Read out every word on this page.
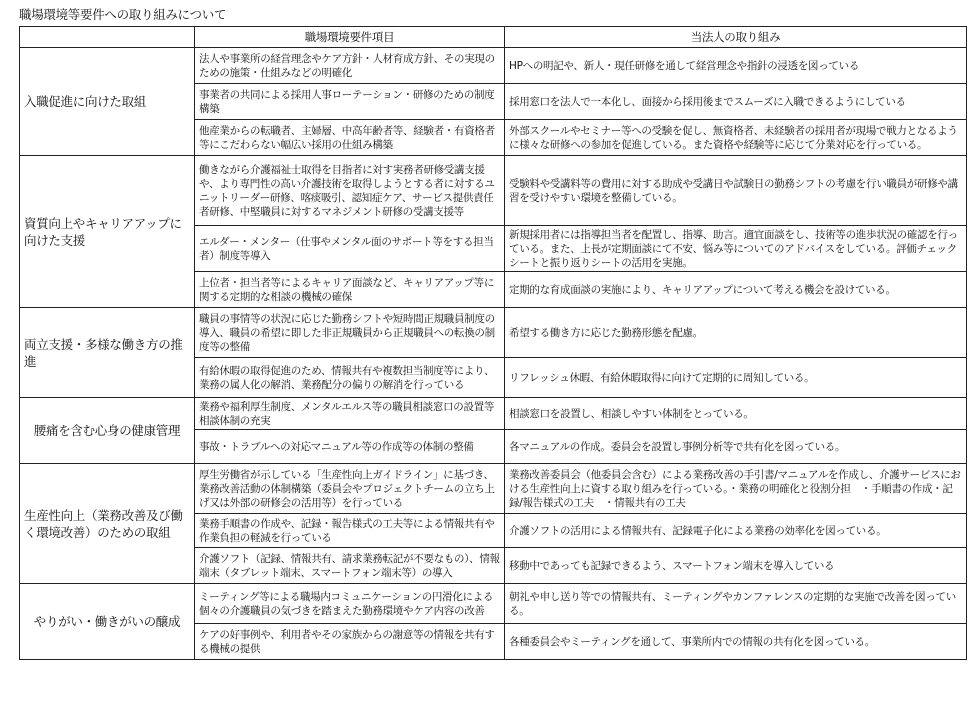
職場環境等要件への取り組みについて
	職場環境要件項目	当法人の取り組み
入職促進に向けた取組	法人や事業所の経営理念やケア方針・人材育成方針、その実現のための施策・仕組みなどの明確化	HPへの明記や、新人・現任研修を通して経営理念や指針の浸透を図っている
	事業者の共同による採用人事ローテーション・研修のための制度構築	採用窓口を法人で一本化し、面接から採用後までスムーズに入職できるようにしている
	他産業からの転職者、主婦層、中高年齢者等、経験者・有資格者等にこだわらない幅広い採用の仕組み構築	外部スクールやセミナー等への受験を促し、無資格者、未経験者の採用者が現場で戦力となるように様々な研修への参加を促進している。また資格や経験等に応じて分業対応を行っている。
資質向上やキャリアアップに向けた支援	働きながら介護福祉士取得を目指者に対す実務者研修受講支援や、より専門性の高い介護技術を取得しようとする者に対するユニットリーダー研修、喀痰吸引、認知症ケア、サービス提供責任者研修、中堅職員に対するマネジメント研修の受講支援等	受験料や受講料等の費用に対する助成や受講日や試験日の勤務シフトの考慮を行い職員が研修や講習を受けやすい環境を整備している。
	エルダー・メンター（仕事やメンタル面のサポート等をする担当者）制度等導入	新規採用者には指導担当者を配置し、指導、助言。適宜面談をし、技術等の進歩状況の確認を行っている。また、上長が定期面談にて不安、悩み等についてのアドバイスをしている。評価チェックシートと振り返りシートの活用を実施。
	上位者・担当者等によるキャリア面談など、キャリアアップ等に関する定期的な相談の機械の確保	定期的な育成面談の実施により、キャリアアップについて考える機会を設けている。
両立支援・多様な働き方の推進	職員の事情等の状況に応じた勤務シフトや短時間正規職員制度の導入、職員の希望に即した非正規職員から正規職員への転換の制度等の整備	希望する働き方に応じた勤務形態を配慮。
	有給休暇の取得促進のため、情報共有や複数担当制度等により、業務の属人化の解消、業務配分の偏りの解消を行っている	リフレッシュ休暇、有給休暇取得に向けて定期的に周知している。
腰痛を含む心身の健康管理	業務や福利厚生制度、メンタルエルス等の職員相談窓口の設置等相談体制の充実	相談窓口を設置し、相談しやすい体制をとっている。
	事故・トラブルへの対応マニュアル等の作成等の体制の整備	各マニュアルの作成。委員会を設置し事例分析等で共有化を図っている。
生産性向上（業務改善及び働く環境改善）のための取組	厚生労働省が示している「生産性向上ガイドライン」に基づき、業務改善活動の体制構築（委員会やプロジェクトチームの立ち上げ又は外部の研修会の活用等）を行っている	業務改善委員会（他委員会含む）による業務改善の手引書/マニュアルを作成し、介護サービスにおける生産性向上に資する取り組みを行っている。・業務の明確化と役割分担　・手順書の作成・記録/報告様式の工夫　・情報共有の工夫
	業務手順書の作成や、記録・報告様式の工夫等による情報共有や作業負担の軽減を行っている	介護ソフトの活用による情報共有、記録電子化による業務の効率化を図っている。
	介護ソフト（記録、情報共有、請求業務転記が不要なもの）、情報端末（タブレット端末、スマートフォン端末等）の導入	移動中であっても記録できるよう、スマートフォン端末を導入している
やりがい・働きがいの醸成	ミーティング等による職場内コミュニケーションの円滑化による個々の介護職員の気づきを踏まえた勤務環境やケア内容の改善	朝礼や申し送り等での情報共有、ミーティングやカンファレンスの定期的な実施で改善を図っている。
	ケアの好事例や、利用者やその家族からの謝意等の情報を共有する機械の提供	各種委員会やミーティングを通して、事業所内での情報の共有化を図っている。
